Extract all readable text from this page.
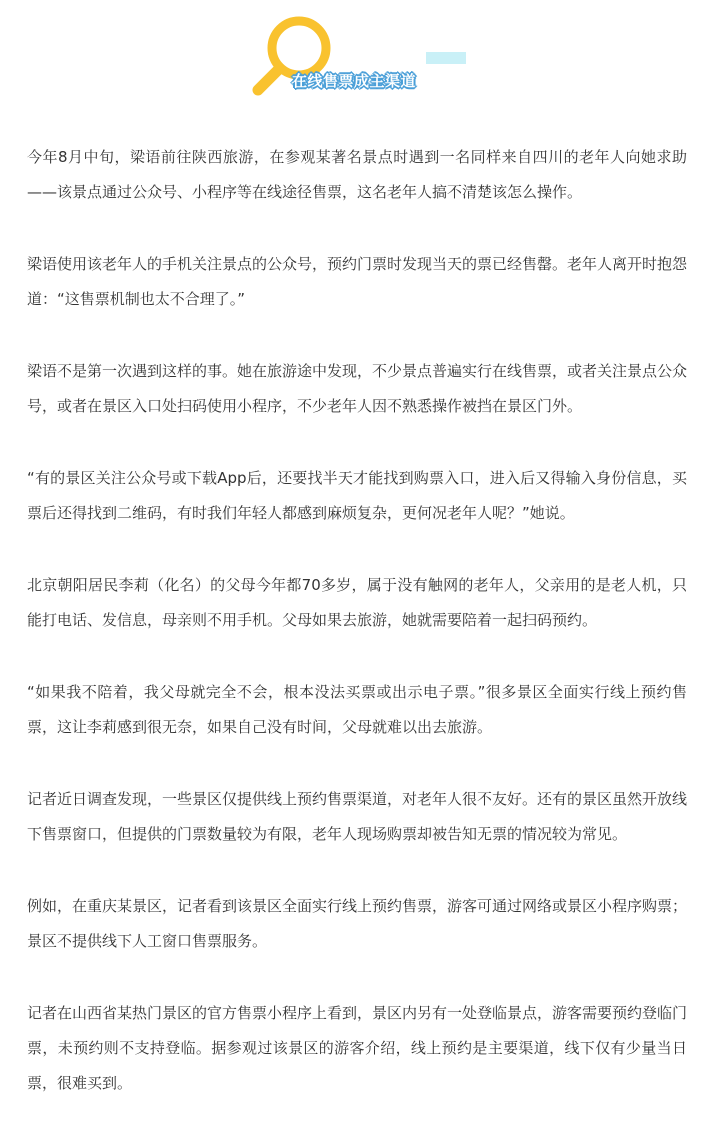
在线售票成主渠道

今年8月中旬，梁语前往陕西旅游，在参观某著名景点时遇到一名同样来自四川的老年人向她求助——该景点通过公众号、小程序等在线途径售票，这名老年人搞不清楚该怎么操作。

梁语使用该老年人的手机关注景点的公众号，预约门票时发现当天的票已经售罄。老年人离开时抱怨道：“这售票机制也太不合理了。”

梁语不是第一次遇到这样的事。她在旅游途中发现，不少景点普遍实行在线售票，或者关注景点公众号，或者在景区入口处扫码使用小程序，不少老年人因不熟悉操作被挡在景区门外。

“有的景区关注公众号或下载App后，还要找半天才能找到购票入口，进入后又得输入身份信息，买票后还得找到二维码，有时我们年轻人都感到麻烦复杂，更何况老年人呢？”她说。

北京朝阳居民李莉（化名）的父母今年都70多岁，属于没有触网的老年人，父亲用的是老人机，只能打电话、发信息，母亲则不用手机。父母如果去旅游，她就需要陪着一起扫码预约。

“如果我不陪着，我父母就完全不会，根本没法买票或出示电子票。”很多景区全面实行线上预约售票，这让李莉感到很无奈，如果自己没有时间，父母就难以出去旅游。

记者近日调查发现，一些景区仅提供线上预约售票渠道，对老年人很不友好。还有的景区虽然开放线下售票窗口，但提供的门票数量较为有限，老年人现场购票却被告知无票的情况较为常见。

例如，在重庆某景区，记者看到该景区全面实行线上预约售票，游客可通过网络或景区小程序购票；景区不提供线下人工窗口售票服务。

记者在山西省某热门景区的官方售票小程序上看到，景区内另有一处登临景点，游客需要预约登临门票，未预约则不支持登临。据参观过该景区的游客介绍，线上预约是主要渠道，线下仅有少量当日票，很难买到。
